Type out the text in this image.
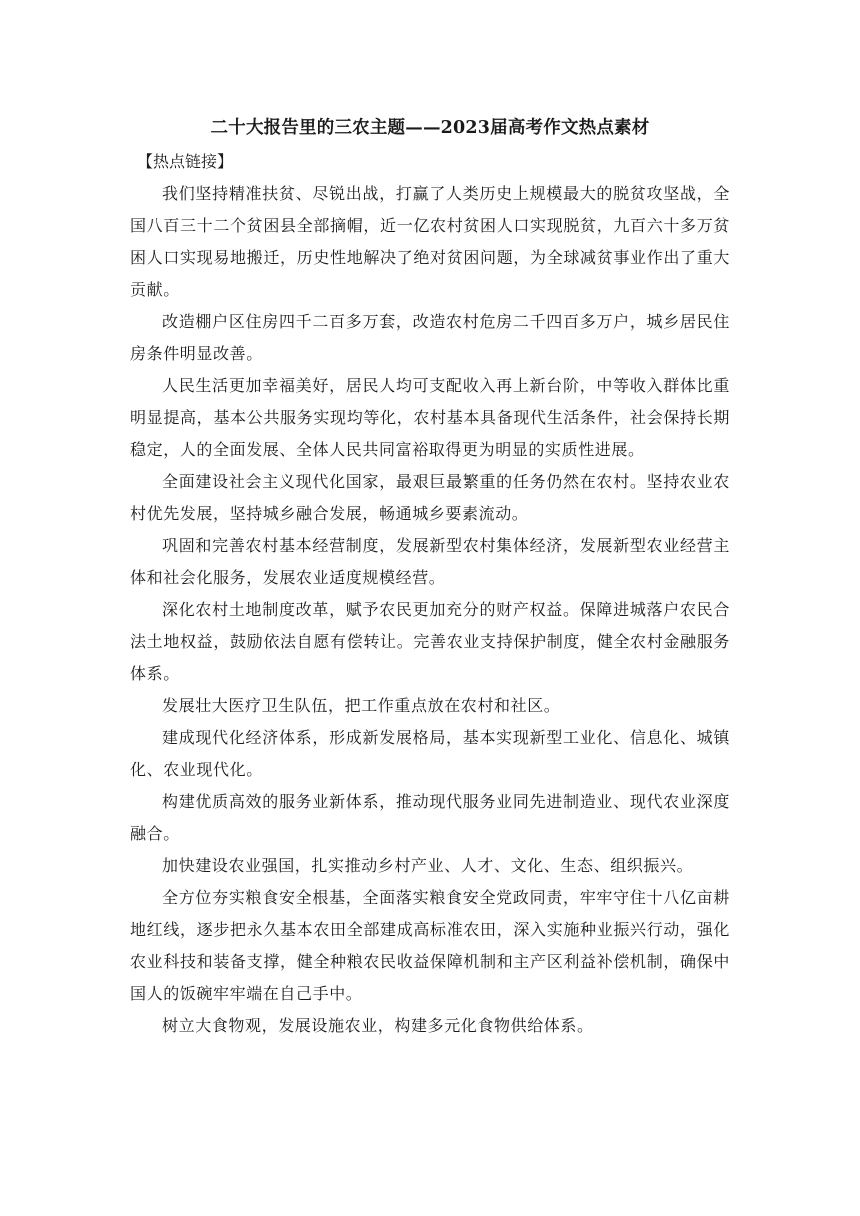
二十大报告里的三农主题——2023届高考作文热点素材

【热点链接】

我们坚持精准扶贫、尽锐出战，打赢了人类历史上规模最大的脱贫攻坚战，全国八百三十二个贫困县全部摘帽，近一亿农村贫困人口实现脱贫，九百六十多万贫困人口实现易地搬迁，历史性地解决了绝对贫困问题，为全球减贫事业作出了重大贡献。

改造棚户区住房四千二百多万套，改造农村危房二千四百多万户，城乡居民住房条件明显改善。

人民生活更加幸福美好，居民人均可支配收入再上新台阶，中等收入群体比重明显提高，基本公共服务实现均等化，农村基本具备现代生活条件，社会保持长期稳定，人的全面发展、全体人民共同富裕取得更为明显的实质性进展。

全面建设社会主义现代化国家，最艰巨最繁重的任务仍然在农村。坚持农业农村优先发展，坚持城乡融合发展，畅通城乡要素流动。

巩固和完善农村基本经营制度，发展新型农村集体经济，发展新型农业经营主体和社会化服务，发展农业适度规模经营。

深化农村土地制度改革，赋予农民更加充分的财产权益。保障进城落户农民合法土地权益，鼓励依法自愿有偿转让。完善农业支持保护制度，健全农村金融服务体系。

发展壮大医疗卫生队伍，把工作重点放在农村和社区。

建成现代化经济体系，形成新发展格局，基本实现新型工业化、信息化、城镇化、农业现代化。

构建优质高效的服务业新体系，推动现代服务业同先进制造业、现代农业深度融合。

加快建设农业强国，扎实推动乡村产业、人才、文化、生态、组织振兴。

全方位夯实粮食安全根基，全面落实粮食安全党政同责，牢牢守住十八亿亩耕地红线，逐步把永久基本农田全部建成高标准农田，深入实施种业振兴行动，强化农业科技和装备支撑，健全种粮农民收益保障机制和主产区利益补偿机制，确保中国人的饭碗牢牢端在自己手中。

树立大食物观，发展设施农业，构建多元化食物供给体系。
